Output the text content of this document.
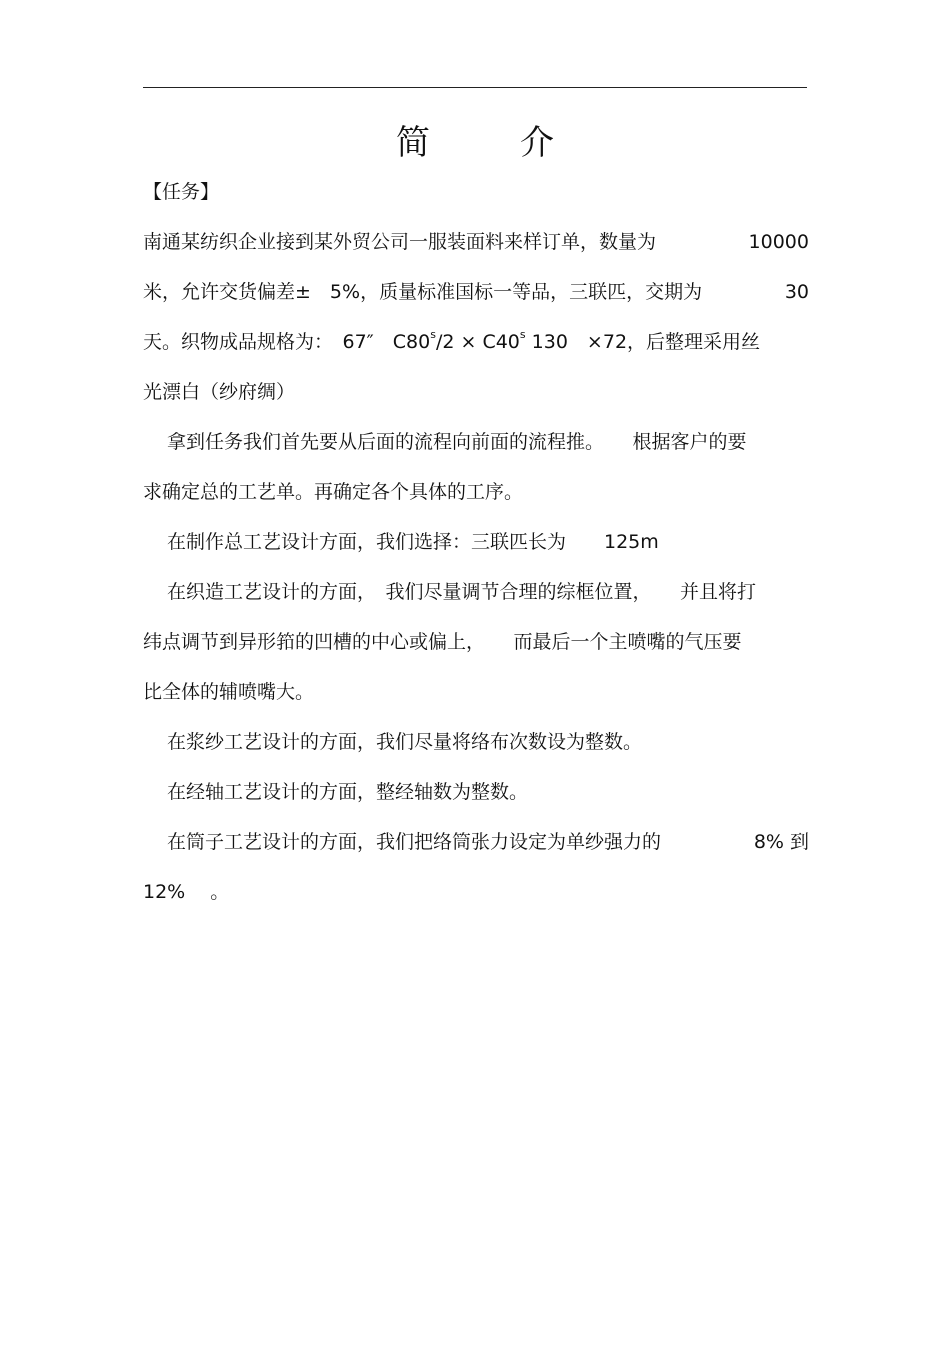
简	介
【任务】
南通某纺织企业接到某外贸公司一服装面料来样订单，数量为	10000
米，允许交货偏差±　5%，质量标准国标一等品，三联匹，交期为	30
天。织物成品规格为：　67″　$C80^s/2 \times C40^s$ 130　×72，后整理采用丝
光漂白（纱府绸）
拿到任务我们首先要从后面的流程向前面的流程推。　　根据客户的要
求确定总的工艺单。再确定各个具体的工序。
在制作总工艺设计方面，我们选择：三联匹长为　　125m
在织造工艺设计的方面，　我们尽量调节合理的综框位置，　　并且将打
纬点调节到异形筘的凹槽的中心或偏上，　　而最后一个主喷嘴的气压要
比全体的辅喷嘴大。
在浆纱工艺设计的方面，我们尽量将络布次数设为整数。
在经轴工艺设计的方面，整经轴数为整数。
在筒子工艺设计的方面，我们把络筒张力设定为单纱强力的	8% 到
12%　 。
